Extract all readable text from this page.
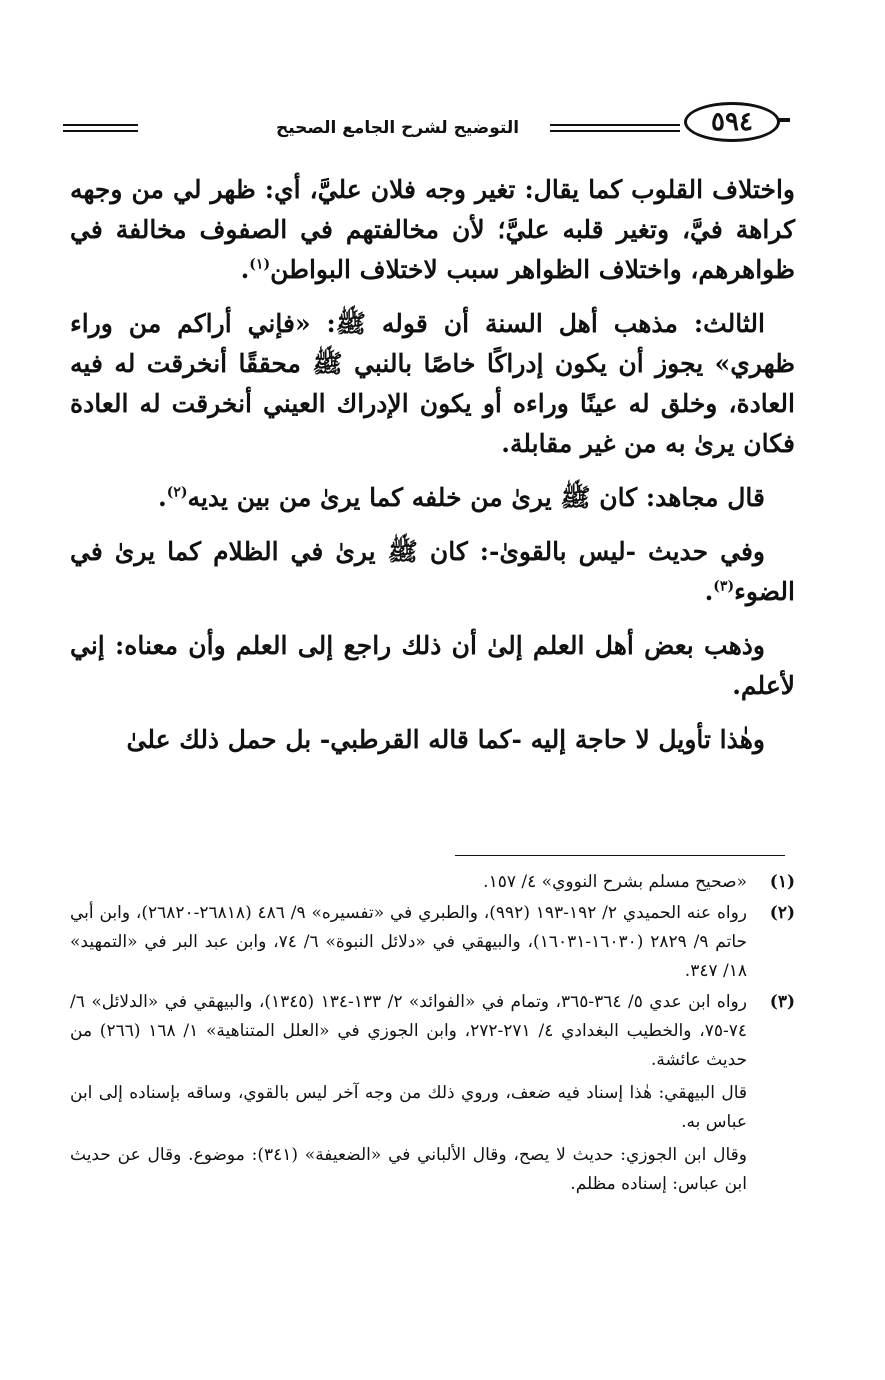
٥٩٤
التوضيح لشرح الجامع الصحيح

واختلاف القلوب كما يقال: تغير وجه فلان عليَّ، أي: ظهر لي من وجهه كراهة فيَّ، وتغير قلبه عليَّ؛ لأن مخالفتهم في الصفوف مخالفة في ظواهرهم، واختلاف الظواهر سبب لاختلاف البواطن$^{(١)}$.

الثالث: مذهب أهل السنة أن قوله ﷺ: «فإني أراكم من وراء ظهري» يجوز أن يكون إدراكًا خاصًا بالنبي ﷺ محققًا أنخرقت له فيه العادة، وخلق له عينًا وراءه أو يكون الإدراك العيني أنخرقت له العادة فكان يرىٰ به من غير مقابلة.

قال مجاهد: كان ﷺ يرىٰ من خلفه كما يرىٰ من بين يديه$^{(٢)}$.

وفي حديث -ليس بالقوىٰ-: كان ﷺ يرىٰ في الظلام كما يرىٰ في الضوء$^{(٣)}$.

وذهب بعض أهل العلم إلىٰ أن ذلك راجع إلى العلم وأن معناه: إني لأعلم.

وهٰذا تأويل لا حاجة إليه -كما قاله القرطبي- بل حمل ذلك علىٰ

(١)
«صحيح مسلم بشرح النووي» ٤/ ١٥٧.
(٢)
رواه عنه الحميدي ٢/ ١٩٢-١٩٣ (٩٩٢)، والطبري في «تفسيره» ٩/ ٤٨٦ (٢٦٨١٨-٢٦٨٢٠)، وابن أبي حاتم ٩/ ٢٨٢٩ (١٦٠٣٠-١٦٠٣١)، والبيهقي في «دلائل النبوة» ٦/ ٧٤، وابن عبد البر في «التمهيد» ١٨/ ٣٤٧.
(٣)
رواه ابن عدي ٥/ ٣٦٤-٣٦٥، وتمام في «الفوائد» ٢/ ١٣٣-١٣٤ (١٣٤٥)، والبيهقي في «الدلائل» ٦/ ٧٤-٧٥، والخطيب البغدادي ٤/ ٢٧١-٢٧٢، وابن الجوزي في «العلل المتناهية» ١/ ١٦٨ (٢٦٦) من حديث عائشة.
قال البيهقي: هٰذا إسناد فيه ضعف، وروي ذلك من وجه آخر ليس بالقوي، وساقه بإسناده إلى ابن عباس به.
وقال ابن الجوزي: حديث لا يصح، وقال الألباني في «الضعيفة» (٣٤١): موضوع. وقال عن حديث ابن عباس: إسناده مظلم.
